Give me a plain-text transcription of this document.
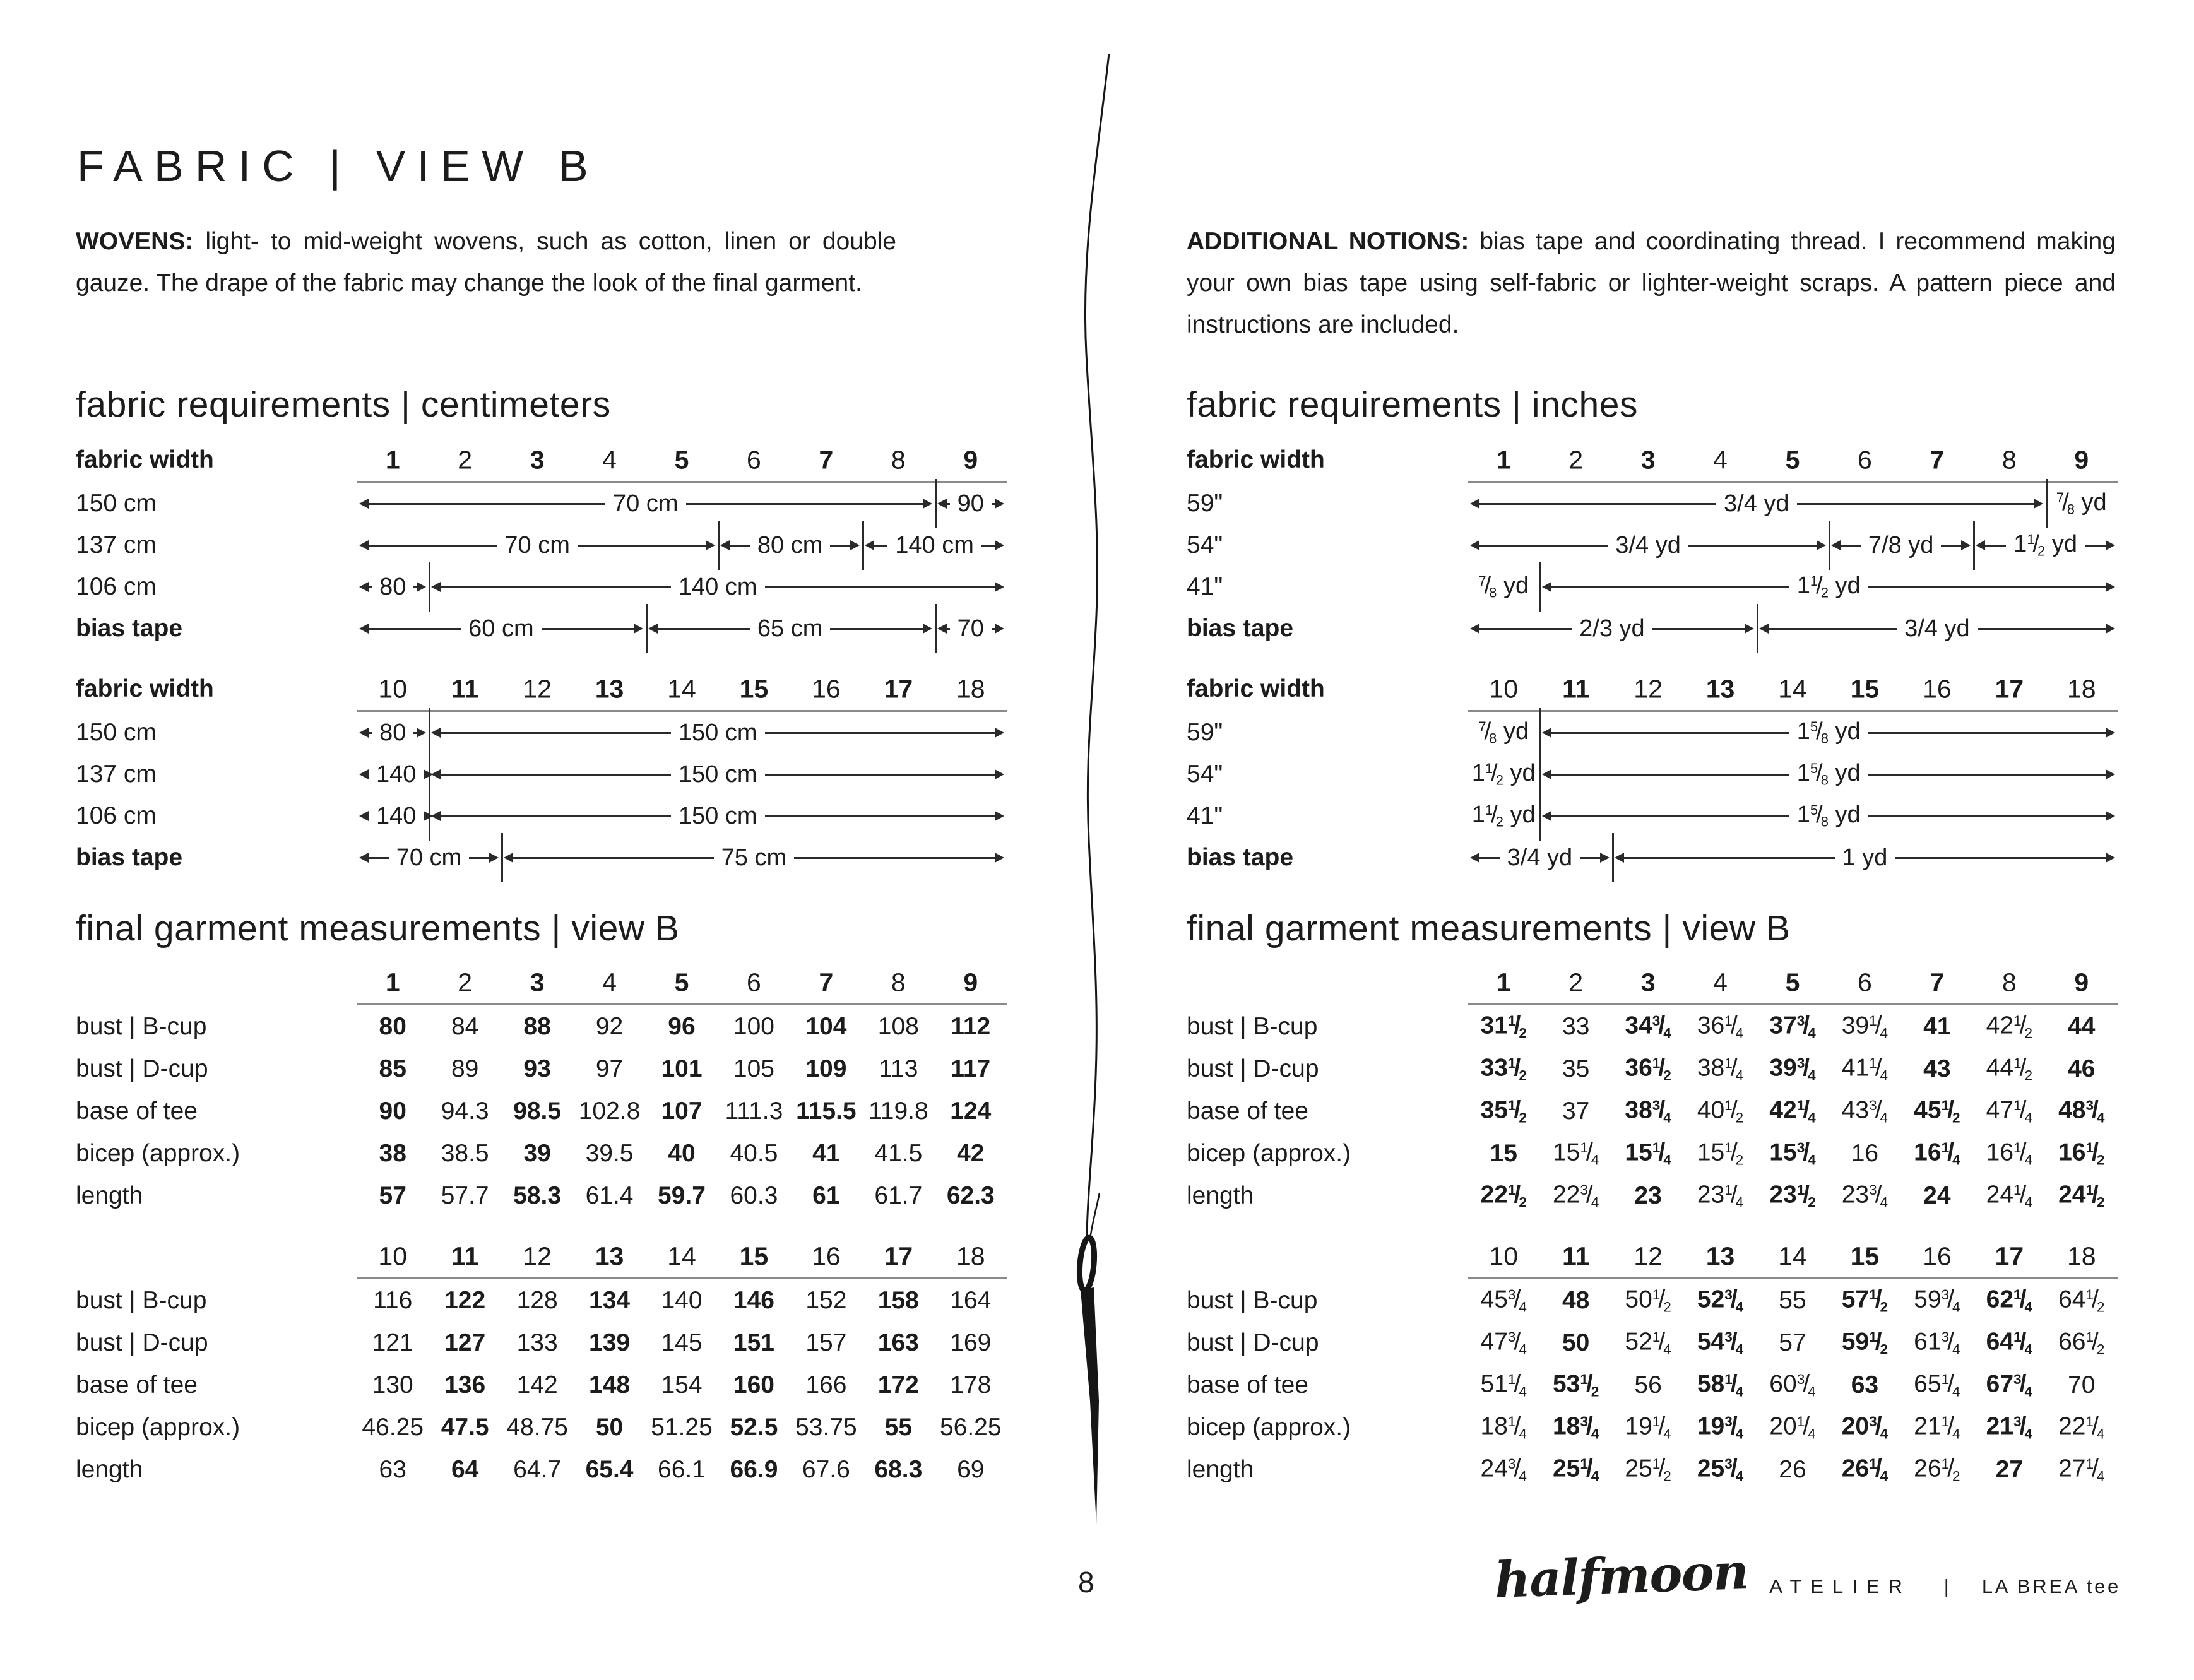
FABRIC | VIEW B

WOVENS: light- to mid-weight wovens, such as cotton, linen or double gauze. The drape of the fabric may change the look of the final garment.

fabric requirements | centimeters
fabric width	1 2 3 4 5 6 7 8 9
150 cm	70 cm	90
137 cm	70 cm	80 cm	140 cm
106 cm	80	140 cm
bias tape	60 cm	65 cm	70
fabric width	10 11 12 13 14 15 16 17 18
150 cm	80	150 cm
137 cm	140	150 cm
106 cm	140	150 cm
bias tape	70 cm	75 cm
final garment measurements | view B
1 2 3 4 5 6 7 8 9
bust | B-cup	80 84 88 92 96 100 104 108 112
bust | D-cup	85 89 93 97 101 105 109 113 117
base of tee	90 94.3 98.5 102.8 107 111.3 115.5 119.8 124
bicep (approx.)	38 38.5 39 39.5 40 40.5 41 41.5 42
length	57 57.7 58.3 61.4 59.7 60.3 61 61.7 62.3
10 11 12 13 14 15 16 17 18
bust | B-cup	116 122 128 134 140 146 152 158 164
bust | D-cup	121 127 133 139 145 151 157 163 169
base of tee	130 136 142 148 154 160 166 172 178
bicep (approx.)	46.25 47.5 48.75 50 51.25 52.5 53.75 55 56.25
length	63 64 64.7 65.4 66.1 66.9 67.6 68.3 69

ADDITIONAL NOTIONS: bias tape and coordinating thread. I recommend making your own bias tape using self-fabric or lighter-weight scraps. A pattern piece and instructions are included.

fabric requirements | inches
fabric width	1 2 3 4 5 6 7 8 9
59"	3/4 yd	$^7/_8$ yd
54"	3/4 yd	7/8 yd	$1^1/_2$ yd
41"	$^7/_8$ yd	$1^1/_2$ yd
bias tape	2/3 yd	3/4 yd
fabric width	10 11 12 13 14 15 16 17 18
59"	$^7/_8$ yd	$1^5/_8$ yd
54"	$1^1/_2$ yd	$1^5/_8$ yd
41"	$1^1/_2$ yd	$1^5/_8$ yd
bias tape	3/4 yd	1 yd
final garment measurements | view B
1 2 3 4 5 6 7 8 9
bust | B-cup	$31^1/_2$ 33 $34^3/_4$ $36^1/_4$ $37^3/_4$ $39^1/_4$ 41 $42^1/_2$ 44
bust | D-cup	$33^1/_2$ 35 $36^1/_2$ $38^1/_4$ $39^3/_4$ $41^1/_4$ 43 $44^1/_2$ 46
base of tee	$35^1/_2$ 37 $38^3/_4$ $40^1/_2$ $42^1/_4$ $43^3/_4$ $45^1/_2$ $47^1/_4$ $48^3/_4$
bicep (approx.)	15 $15^1/_4$ $15^1/_4$ $15^1/_2$ $15^3/_4$ 16 $16^1/_4$ $16^1/_4$ $16^1/_2$
length	$22^1/_2$ $22^3/_4$ 23 $23^1/_4$ $23^1/_2$ $23^3/_4$ 24 $24^1/_4$ $24^1/_2$
10 11 12 13 14 15 16 17 18
bust | B-cup	$45^3/_4$ 48 $50^1/_2$ $52^3/_4$ 55 $57^1/_2$ $59^3/_4$ $62^1/_4$ $64^1/_2$
bust | D-cup	$47^3/_4$ 50 $52^1/_4$ $54^3/_4$ 57 $59^1/_2$ $61^3/_4$ $64^1/_4$ $66^1/_2$
base of tee	$51^1/_4$ $53^1/_2$ 56 $58^1/_4$ $60^3/_4$ 63 $65^1/_4$ $67^3/_4$ 70
bicep (approx.)	$18^1/_4$ $18^3/_4$ $19^1/_4$ $19^3/_4$ $20^1/_4$ $20^3/_4$ $21^1/_4$ $21^3/_4$ $22^1/_4$
length	$24^3/_4$ $25^1/_4$ $25^1/_2$ $25^3/_4$ 26 $26^1/_4$ $26^1/_2$ 27 $27^1/_4$
8	halfmoon ATELIER | LA BREA tee
